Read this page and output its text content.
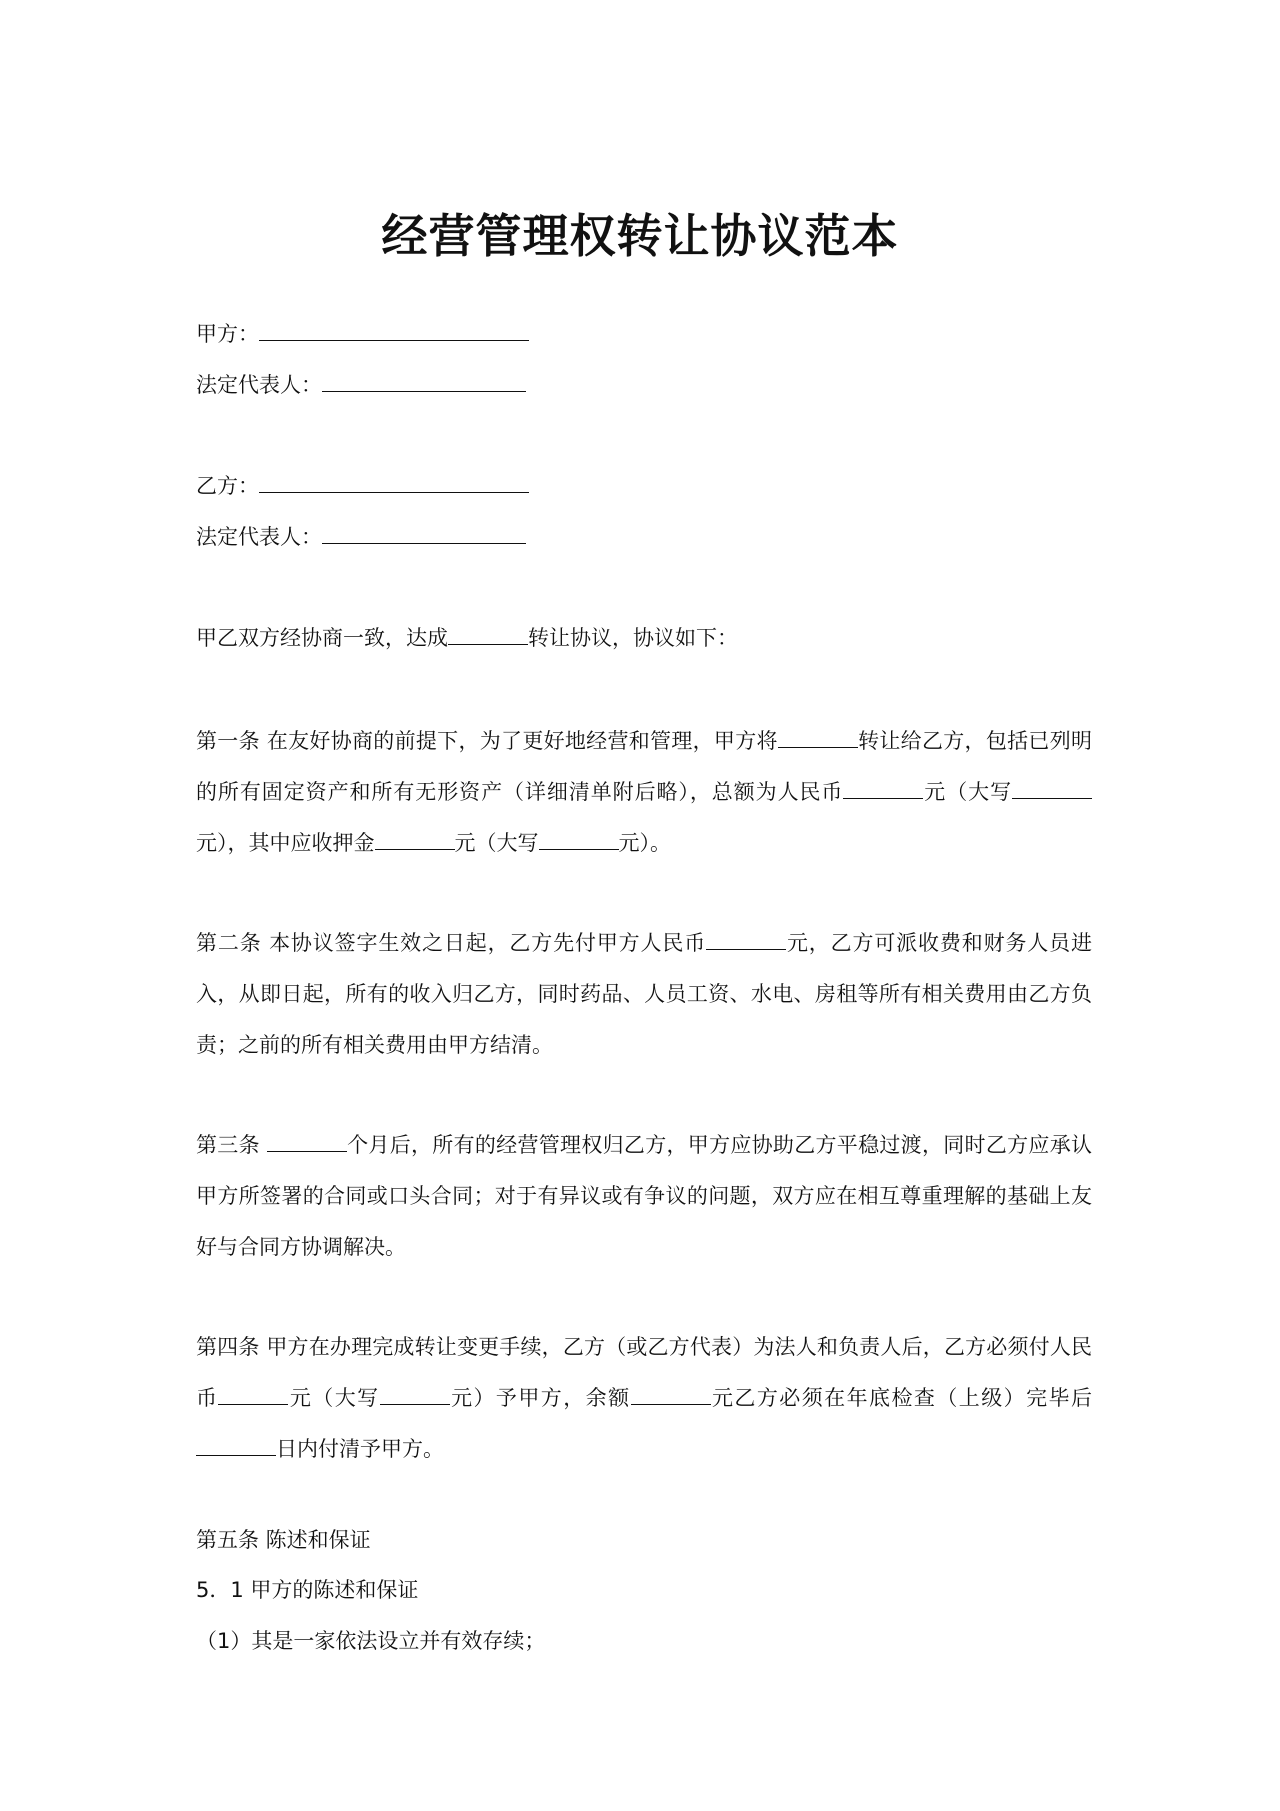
经营管理权转让协议范本
甲方：
法定代表人：
乙方：
法定代表人：
甲乙双方经协商一致，达成	转让协议，协议如下：

第一条 在友好协商的前提下，为了更好地经营和管理，甲方将	转让给乙方，包括已列明的所有固定资产和所有无形资产（详细清单附后略），总额为人民币	元（大写元），其中应收押金	元（大写	元）。

第二条 本协议签字生效之日起，乙方先付甲方人民币	元，乙方可派收费和财务人员进入，从即日起，所有的收入归乙方，同时药品、人员工资、水电、房租等所有相关费用由乙方负责；之前的所有相关费用由甲方结清。

第三条	个月后，所有的经营管理权归乙方，甲方应协助乙方平稳过渡，同时乙方应承认甲方所签署的合同或口头合同；对于有异议或有争议的问题，双方应在相互尊重理解的基础上友好与合同方协调解决。

第四条 甲方在办理完成转让变更手续，乙方（或乙方代表）为法人和负责人后，乙方必须付人民币	元（大写	元）予甲方，余额	元乙方必须在年底检查（上级）完毕后日内付清予甲方。

第五条 陈述和保证
5．1 甲方的陈述和保证
（1）其是一家依法设立并有效存续；
